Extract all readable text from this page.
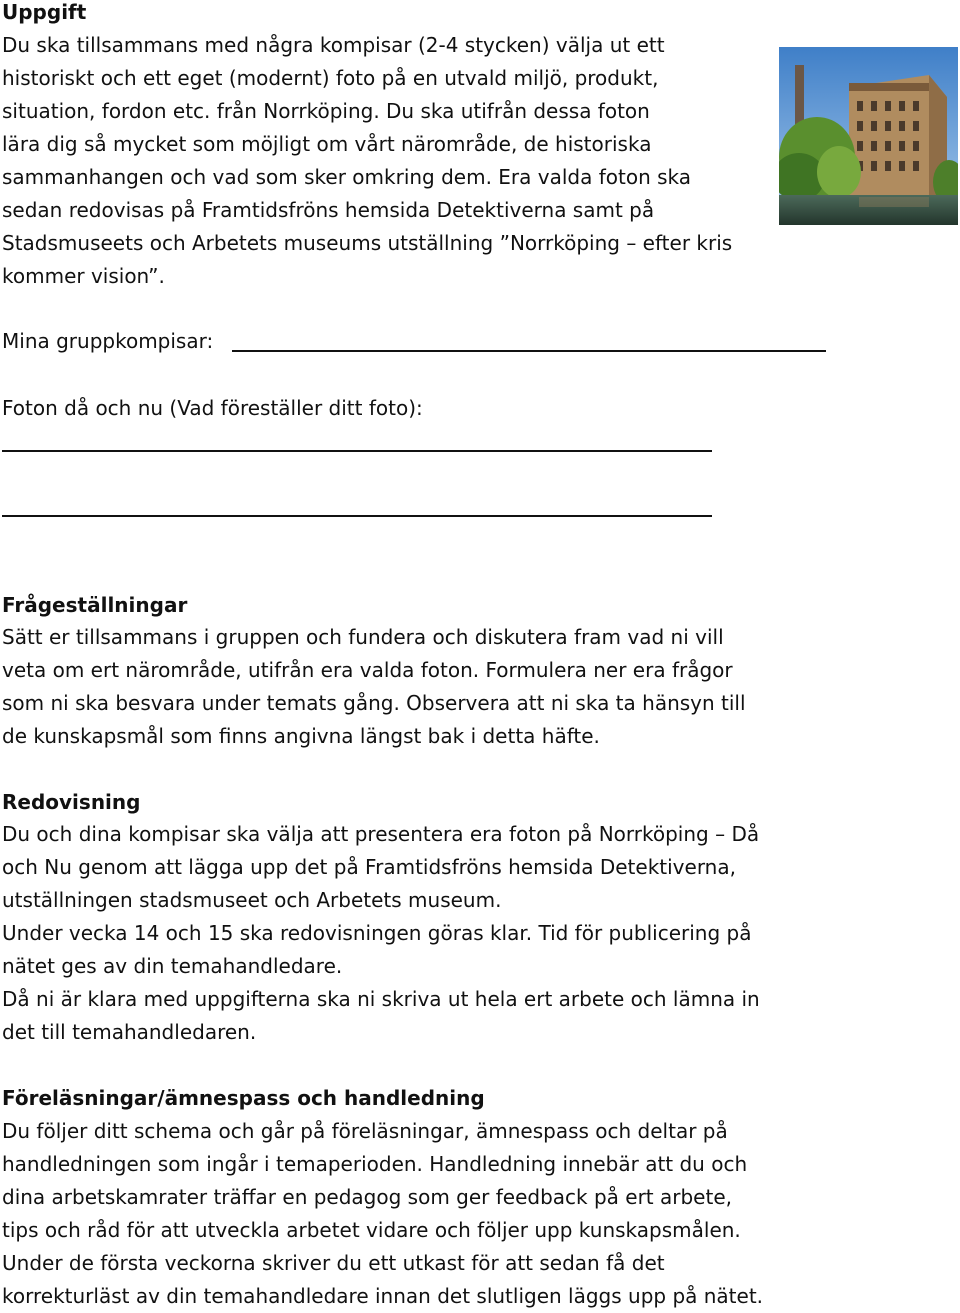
Uppgift
Du ska tillsammans med några kompisar (2-4 stycken) välja ut ett
historiskt och ett eget (modernt) foto på en utvald miljö, produkt,
situation, fordon etc. från Norrköping. Du ska utifrån dessa foton
lära dig så mycket som möjligt om vårt närområde, de historiska
sammanhangen och vad som sker omkring dem. Era valda foton ska
sedan redovisas på Framtidsfröns hemsida Detektiverna samt på
Stadsmuseets och Arbetets museums utställning ”Norrköping – efter kris
kommer vision”.
Mina gruppkompisar:
Foton då och nu (Vad föreställer ditt foto):
Frågeställningar
Sätt er tillsammans i gruppen och fundera och diskutera fram vad ni vill
veta om ert närområde, utifrån era valda foton. Formulera ner era frågor
som ni ska besvara under temats gång. Observera att ni ska ta hänsyn till
de kunskapsmål som finns angivna längst bak i detta häfte.
Redovisning
Du och dina kompisar ska välja att presentera era foton på Norrköping – Då
och Nu genom att lägga upp det på Framtidsfröns hemsida Detektiverna,
utställningen stadsmuseet och Arbetets museum.
Under vecka 14 och 15 ska redovisningen göras klar. Tid för publicering på
nätet ges av din temahandledare.
Då ni är klara med uppgifterna ska ni skriva ut hela ert arbete och lämna in
det till temahandledaren.
Föreläsningar/ämnespass och handledning
Du följer ditt schema och går på föreläsningar, ämnespass och deltar på
handledningen som ingår i temaperioden. Handledning innebär att du och
dina arbetskamrater träffar en pedagog som ger feedback på ert arbete,
tips och råd för att utveckla arbetet vidare och följer upp kunskapsmålen.
Under de första veckorna skriver du ett utkast för att sedan få det
korrekturläst av din temahandledare innan det slutligen läggs upp på nätet.
